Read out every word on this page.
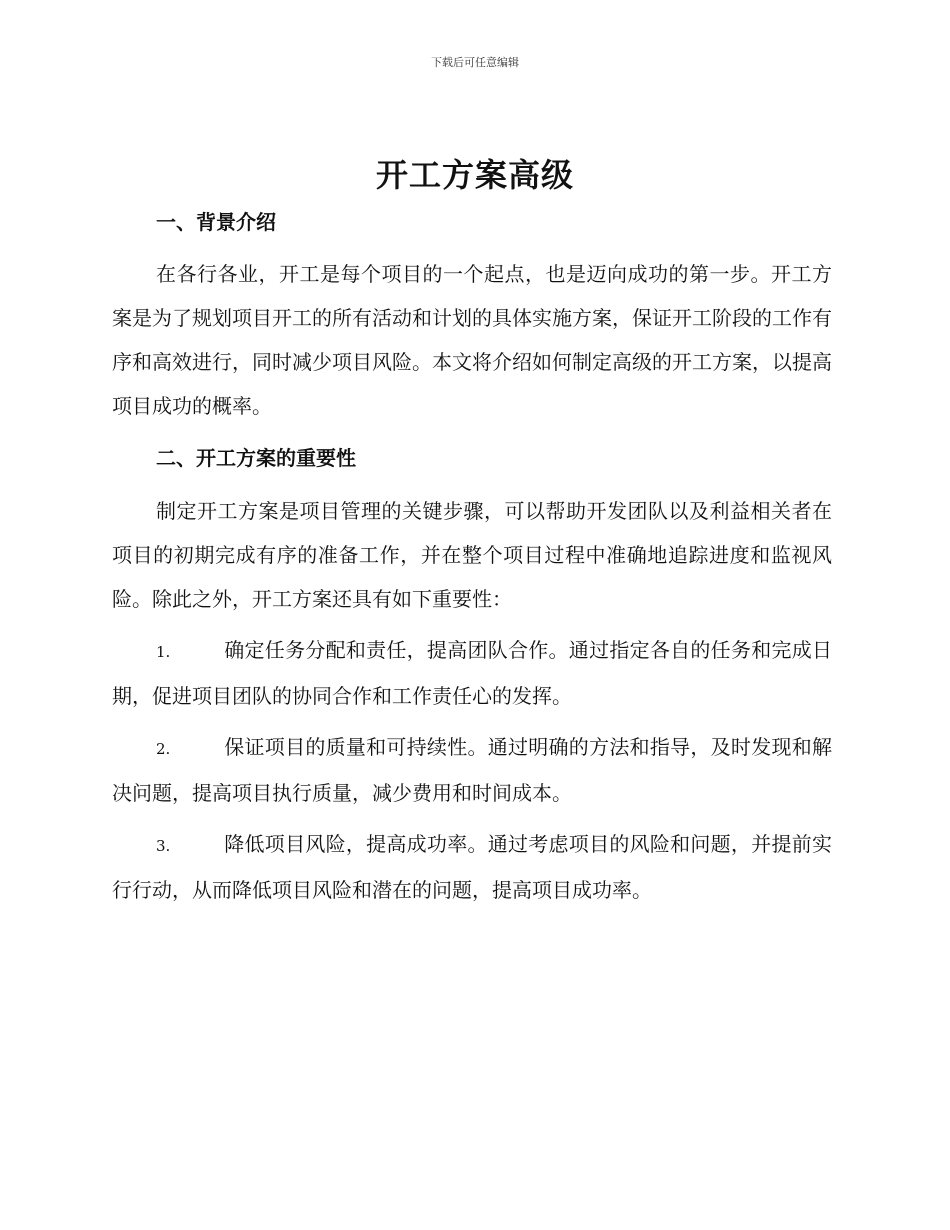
下载后可任意编辑
开工方案高级
一、背景介绍
在各行各业，开工是每个项目的一个起点，也是迈向成功的第一步。开工方案是为了规划项目开工的所有活动和计划的具体实施方案，保证开工阶段的工作有序和高效进行，同时减少项目风险。本文将介绍如何制定高级的开工方案，以提高项目成功的概率。
二、开工方案的重要性
制定开工方案是项目管理的关键步骤，可以帮助开发团队以及利益相关者在项目的初期完成有序的准备工作，并在整个项目过程中准确地追踪进度和监视风险。除此之外，开工方案还具有如下重要性：
1.	确定任务分配和责任，提高团队合作。通过指定各自的任务和完成日期，促进项目团队的协同合作和工作责任心的发挥。
2.	保证项目的质量和可持续性。通过明确的方法和指导，及时发现和解决问题，提高项目执行质量，减少费用和时间成本。
3.	降低项目风险，提高成功率。通过考虑项目的风险和问题，并提前实行行动，从而降低项目风险和潜在的问题，提高项目成功率。
